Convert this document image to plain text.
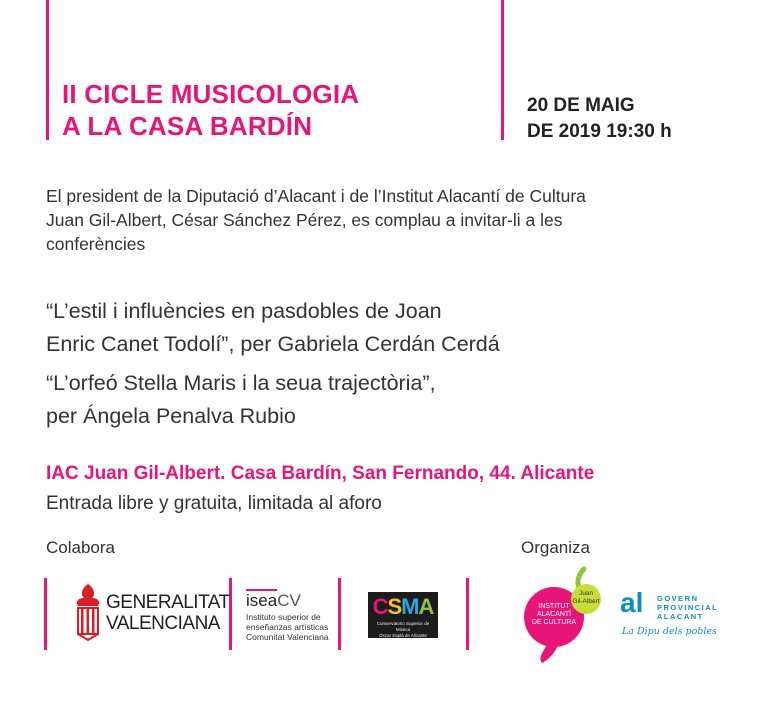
II CICLE MUSICOLOGIA
A LA CASA BARDÍN
20 DE MAIG
DE 2019 19:30 h
El president de la Diputació d’Alacant i de l’Institut Alacantí de Cultura
Juan Gil-Albert, César Sánchez Pérez, es complau a invitar-li a les
conferències
“L’estil i influències en pasdobles de Joan
Enric Canet Todolí”, per Gabriela Cerdán Cerdá
“L’orfeó Stella Maris i la seua trajectòria”,
per Ángela Penalva Rubio
IAC Juan Gil-Albert. Casa Bardín, San Fernando, 44. Alicante
Entrada libre y gratuita, limitada al aforo
Colabora	Organiza
GENERALITAT
VALENCIANA
iseaCV
Instituto superior de
enseñanzas artísticas
Comunitat Valenciana
CSMA
Conservatorio Superior de Música
Óscar Esplá de Alicante
INSTITUT
ALACANTÍ
DE CULTURA
Juan
Gil-Albert al GOVERN
PROVINCIAL
ALACANT
La Dipu dels pobles
